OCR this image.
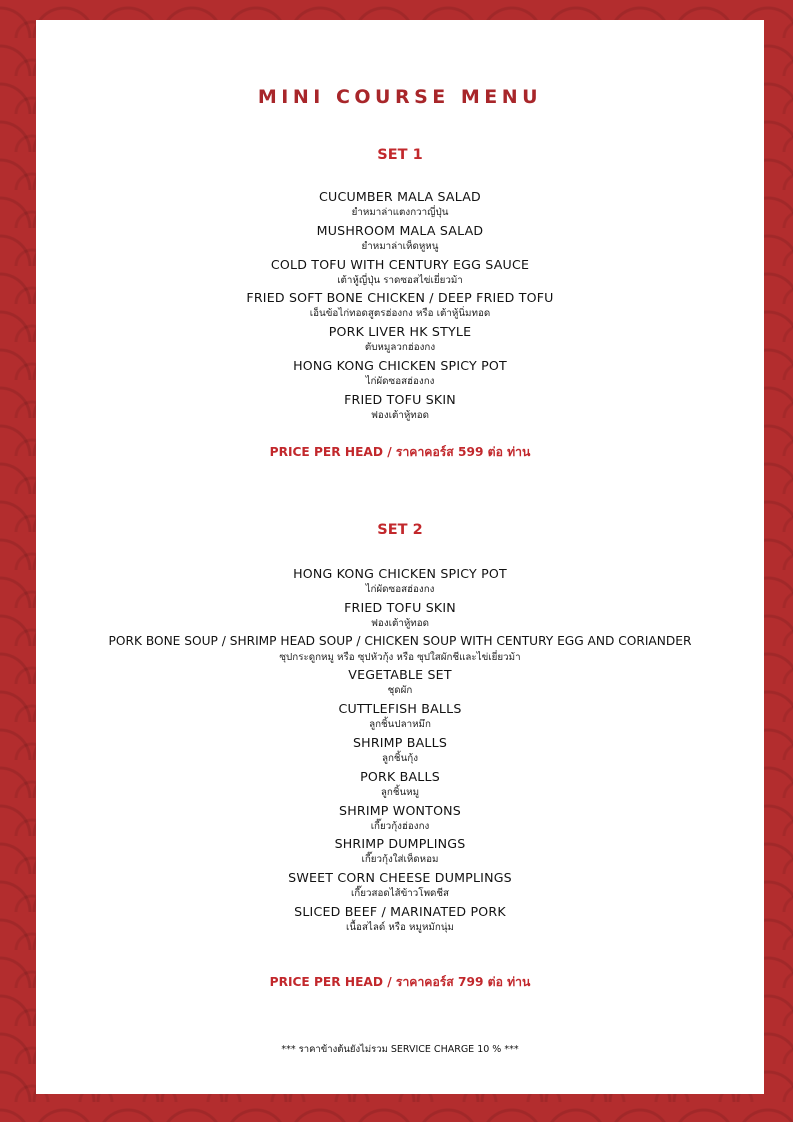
MINI COURSE MENU
SET 1
CUCUMBER MALA SALAD
ยำหมาล่าแตงกวาญี่ปุ่น
MUSHROOM MALA SALAD
ยำหมาล่าเห็ดหูหนู
COLD TOFU WITH CENTURY EGG SAUCE
เต้าหู้ญี่ปุ่น ราดซอสไข่เยี่ยวม้า
FRIED SOFT BONE CHICKEN / DEEP FRIED TOFU
เอ็นข้อไก่ทอดสูตรฮ่องกง หรือ เต้าหู้นิ่มทอด
PORK LIVER HK STYLE
ตับหมูลวกฮ่องกง
HONG KONG CHICKEN SPICY POT
ไก่ผัดซอสฮ่องกง
FRIED TOFU SKIN
ฟองเต้าหู้ทอด
PRICE PER HEAD / ราคาคอร์ส 599 ต่อ ท่าน
SET 2
HONG KONG CHICKEN SPICY POT
ไก่ผัดซอสฮ่องกง
FRIED TOFU SKIN
ฟองเต้าหู้ทอด
PORK BONE SOUP / SHRIMP HEAD SOUP / CHICKEN SOUP WITH CENTURY EGG AND CORIANDER
ซุปกระดูกหมู หรือ ซุปหัวกุ้ง หรือ ซุปใสผักชีและไข่เยี่ยวม้า
VEGETABLE SET
ชุดผัก
CUTTLEFISH BALLS
ลูกชิ้นปลาหมึก
SHRIMP BALLS
ลูกชิ้นกุ้ง
PORK BALLS
ลูกชิ้นหมู
SHRIMP WONTONS
เกี๊ยวกุ้งฮ่องกง
SHRIMP DUMPLINGS
เกี๊ยวกุ้งใส่เห็ดหอม
SWEET CORN CHEESE DUMPLINGS
เกี๊ยวสอดไส้ข้าวโพดชีส
SLICED BEEF / MARINATED PORK
เนื้อสไลด์ หรือ หมูหมักนุ่ม
PRICE PER HEAD / ราคาคอร์ส 799 ต่อ ท่าน
*** ราคาข้างต้นยังไม่รวม SERVICE CHARGE 10 % ***
